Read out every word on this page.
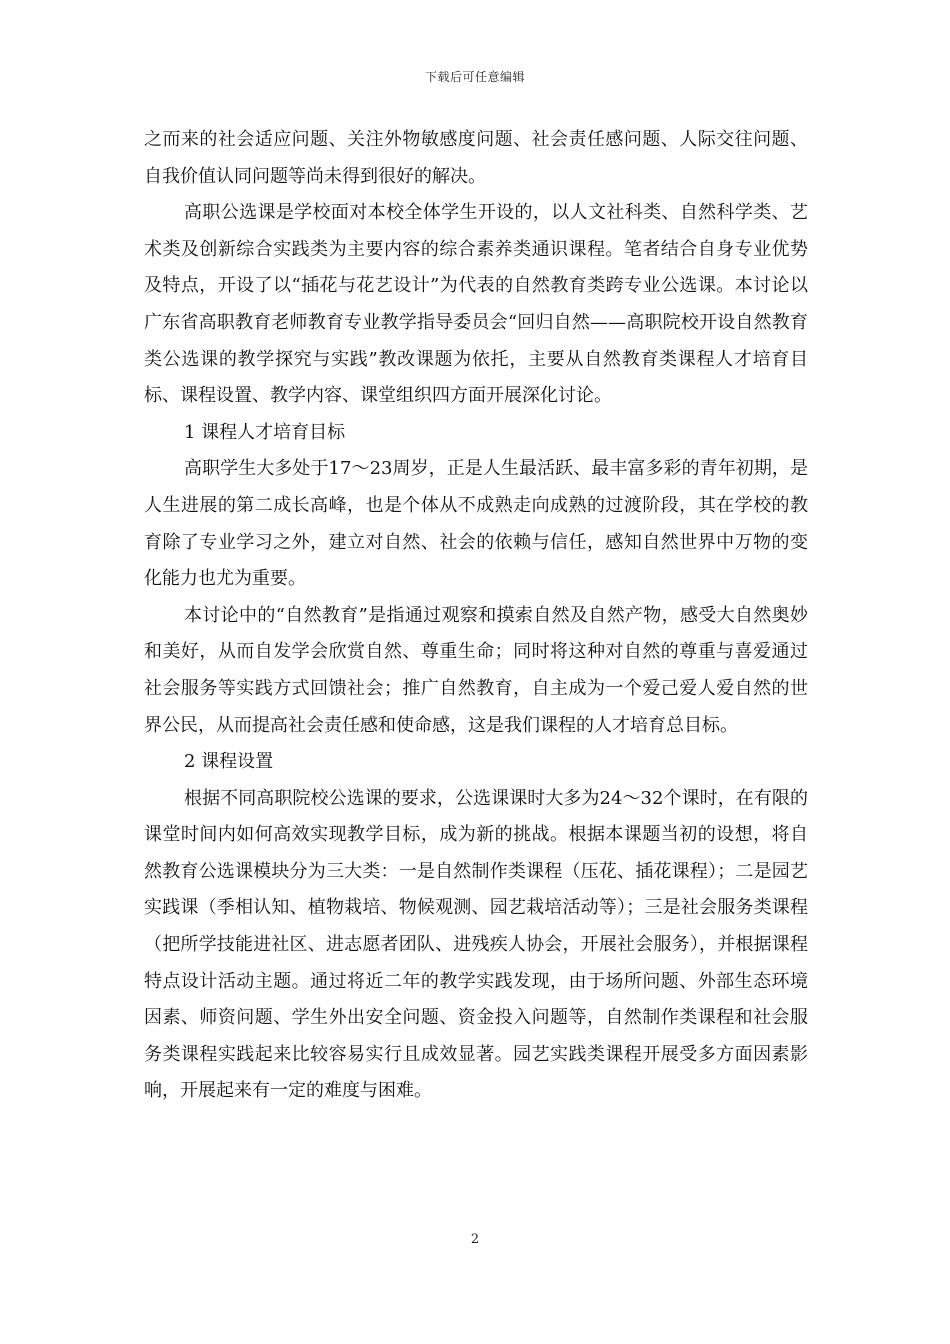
下载后可任意编辑

之而来的社会适应问题、关注外物敏感度问题、社会责任感问题、人际交往问题、自我价值认同问题等尚未得到很好的解决。

高职公选课是学校面对本校全体学生开设的，以人文社科类、自然科学类、艺术类及创新综合实践类为主要内容的综合素养类通识课程。笔者结合自身专业优势及特点，开设了以“插花与花艺设计”为代表的自然教育类跨专业公选课。本讨论以广东省高职教育老师教育专业教学指导委员会“回归自然——高职院校开设自然教育类公选课的教学探究与实践”教改课题为依托，主要从自然教育类课程人才培育目标、课程设置、教学内容、课堂组织四方面开展深化讨论。

1 课程人才培育目标

高职学生大多处于17～23周岁，正是人生最活跃、最丰富多彩的青年初期，是人生进展的第二成长高峰，也是个体从不成熟走向成熟的过渡阶段，其在学校的教育除了专业学习之外，建立对自然、社会的依赖与信任，感知自然世界中万物的变化能力也尤为重要。

本讨论中的“自然教育”是指通过观察和摸索自然及自然产物，感受大自然奥妙和美好，从而自发学会欣赏自然、尊重生命；同时将这种对自然的尊重与喜爱通过社会服务等实践方式回馈社会；推广自然教育，自主成为一个爱己爱人爱自然的世界公民，从而提高社会责任感和使命感，这是我们课程的人才培育总目标。

2 课程设置

根据不同高职院校公选课的要求，公选课课时大多为24～32个课时，在有限的课堂时间内如何高效实现教学目标，成为新的挑战。根据本课题当初的设想，将自然教育公选课模块分为三大类：一是自然制作类课程（压花、插花课程）；二是园艺实践课（季相认知、植物栽培、物候观测、园艺栽培活动等）；三是社会服务类课程（把所学技能进社区、进志愿者团队、进残疾人协会，开展社会服务），并根据课程特点设计活动主题。通过将近二年的教学实践发现，由于场所问题、外部生态环境因素、师资问题、学生外出安全问题、资金投入问题等，自然制作类课程和社会服务类课程实践起来比较容易实行且成效显著。园艺实践类课程开展受多方面因素影响，开展起来有一定的难度与困难。

2
